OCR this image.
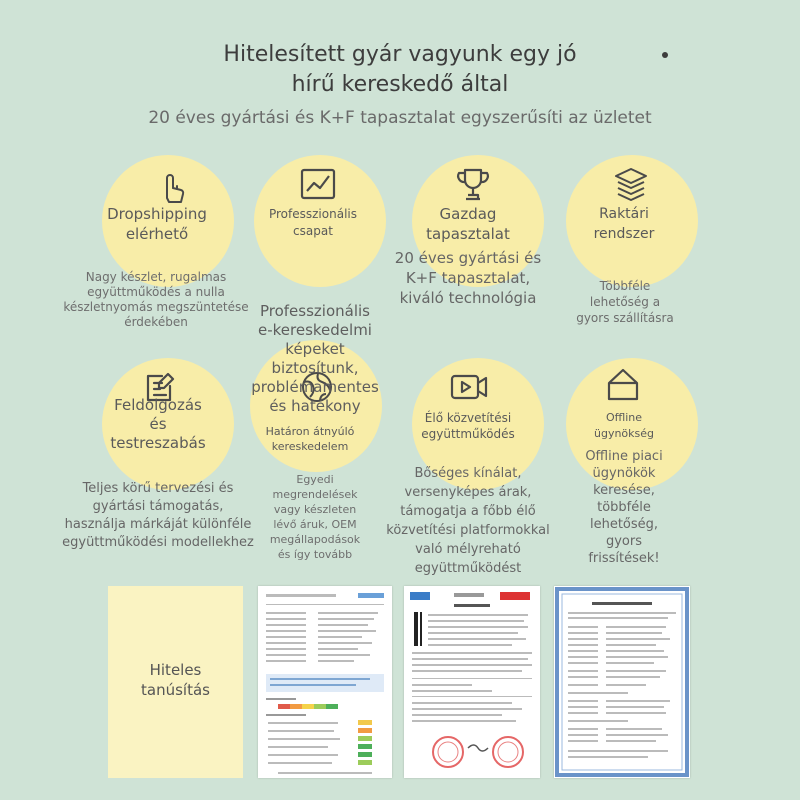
Hitelesített gyár vagyunk egy jó
hírű kereskedő által
20 éves gyártási és K+F tapasztalat egyszerűsíti az üzletet
Dropshipping
elérhető
Professzionális
csapat
Gazdag
tapasztalat
Raktári
rendszer
Nagy készlet, rugalmas
együttműködés a nulla
készletnyomás megszüntetése
érdekében
Professzionális
e-kereskedelmi
képeket
biztosítunk,
problémamentes
és hatékony
20 éves gyártási és
K+F tapasztalat,
kiváló technológia
Többféle
lehetőség a
gyors szállításra
Feldolgozás
és
testreszabás
Határon átnyúló
kereskedelem
Élő közvetítési
együttműködés
Offline
ügynökség
Teljes körű tervezési és
gyártási támogatás,
használja márkáját különféle
együttműködési modellekhez
Egyedi
megrendelések
vagy készleten
lévő áruk, OEM
megállapodások
és így tovább
Bőséges kínálat,
versenyképes árak,
támogatja a főbb élő
közvetítési platformokkal
való mélyreható
együttműködést
Offline piaci
ügynökök
keresése,
többféle
lehetőség,
gyors
frissítések!
Hiteles
tanúsítás
